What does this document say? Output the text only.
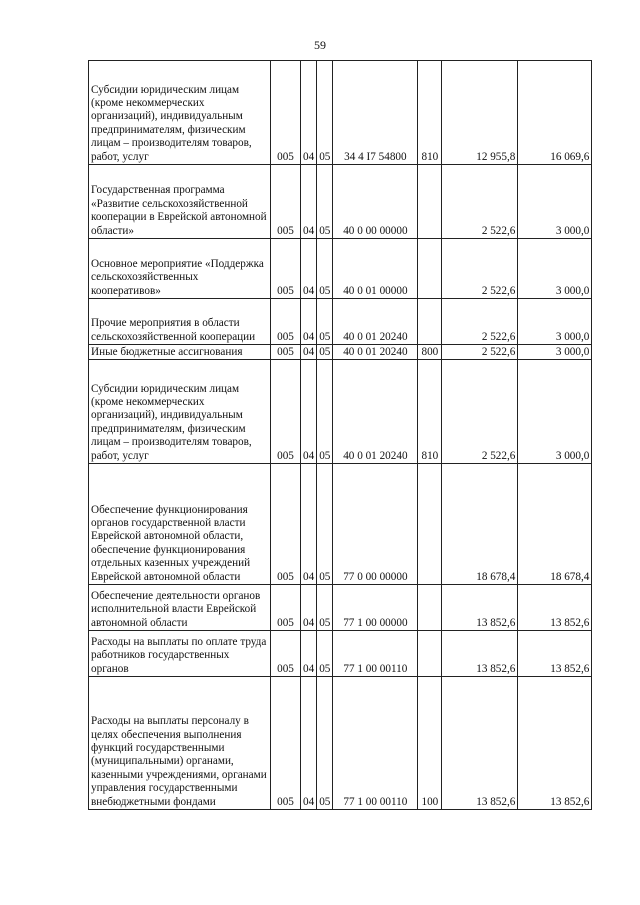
59
Субсидии юридическим лицам (кроме некоммерческих организаций), индивидуальным предпринимателям, физическим лицам – производителям товаров, работ, услуг	005	04	05	34 4 I7 54800	810	12 955,8	16 069,6
Государственная программа «Развитие сельскохозяйственной кооперации в Еврейской автономной области»	005	04	05	40 0 00 00000		2 522,6	3 000,0
Основное мероприятие «Поддержка сельскохозяйственных кооперативов»	005	04	05	40 0 01 00000		2 522,6	3 000,0
Прочие мероприятия в области сельскохозяйственной кооперации	005	04	05	40 0 01 20240		2 522,6	3 000,0
Иные бюджетные ассигнования	005	04	05	40 0 01 20240	800	2 522,6	3 000,0
Субсидии юридическим лицам (кроме некоммерческих организаций), индивидуальным предпринимателям, физическим лицам – производителям товаров, работ, услуг	005	04	05	40 0 01 20240	810	2 522,6	3 000,0
Обеспечение функционирования органов государственной власти Еврейской автономной области, обеспечение функционирования отдельных казенных учреждений Еврейской автономной области	005	04	05	77 0 00 00000		18 678,4	18 678,4
Обеспечение деятельности органов исполнительной власти Еврейской автономной области	005	04	05	77 1 00 00000		13 852,6	13 852,6
Расходы на выплаты по оплате труда работников государственных органов	005	04	05	77 1 00 00110		13 852,6	13 852,6
Расходы на выплаты персоналу в целях обеспечения выполнения функций государственными (муниципальными) органами, казенными учреждениями, органами управления государственными внебюджетными фондами	005	04	05	77 1 00 00110	100	13 852,6	13 852,6
